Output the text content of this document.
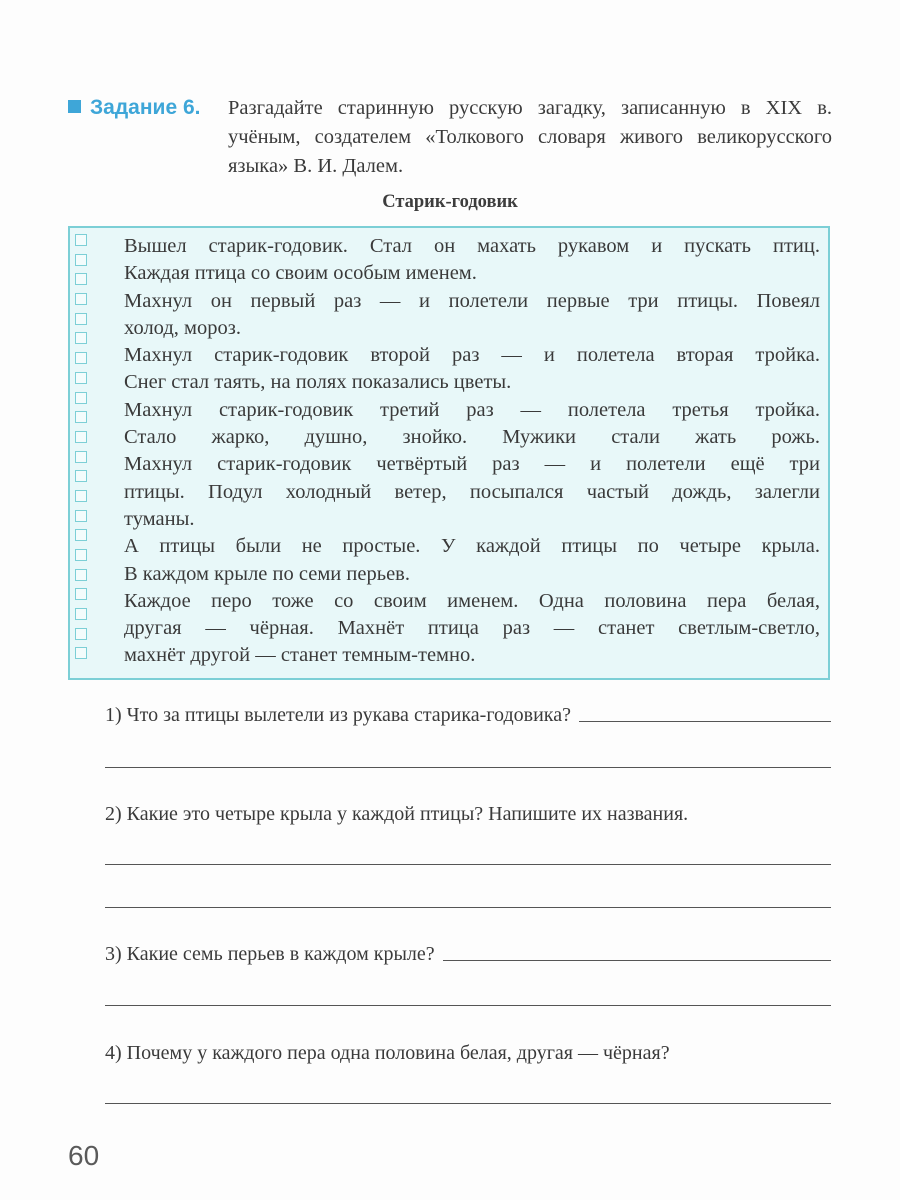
Задание 6. Разгадайте старинную русскую загадку, записанную в XIX в. учёным, создателем «Толкового словаря живого великорусского языка» В. И. Далем.
Старик-годовик
Вышел старик-годовик. Стал он махать рукавом и пускать птиц.
Каждая птица со своим особым именем.
Махнул он первый раз — и полетели первые три птицы. Повеял
холод, мороз.
Махнул старик-годовик второй раз — и полетела вторая тройка.
Снег стал таять, на полях показались цветы.
Махнул старик-годовик третий раз — полетела третья тройка.
Стало жарко, душно, знойко. Мужики стали жать рожь.
Махнул старик-годовик четвёртый раз — и полетели ещё три
птицы. Подул холодный ветер, посыпался частый дождь, залегли
туманы.
А птицы были не простые. У каждой птицы по четыре крыла.
В каждом крыле по семи перьев.
Каждое перо тоже со своим именем. Одна половина пера белая,
другая — чёрная. Махнёт птица раз — станет светлым-светло,
махнёт другой — станет темным-темно.
1) Что за птицы вылетели из рукава старика-годовика?
2) Какие это четыре крыла у каждой птицы? Напишите их названия.
3) Какие семь перьев в каждом крыле?
4) Почему у каждого пера одна половина белая, другая — чёрная?
60
